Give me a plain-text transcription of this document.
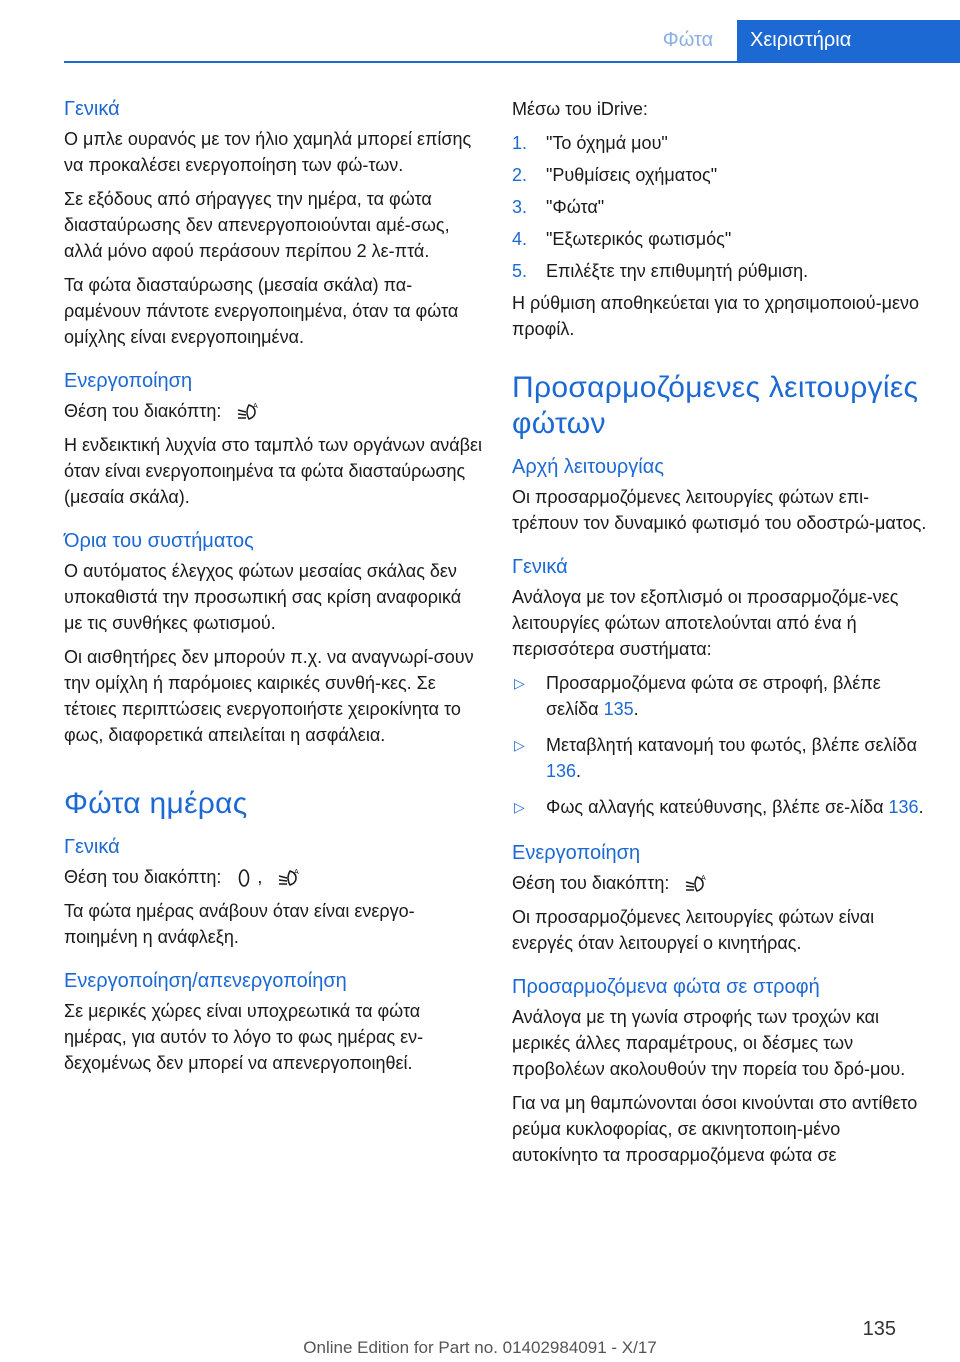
Φώτα	Χειριστήρια
Γενικά

Ο μπλε ουρανός με τον ήλιο χαμηλά μπορεί επίσης να προκαλέσει ενεργοποίηση των φώ‐των.

Σε εξόδους από σήραγγες την ημέρα, τα φώτα διασταύρωσης δεν απενεργοποιούνται αμέ‐σως, αλλά μόνο αφού περάσουν περίπου 2 λε‐πτά.

Τα φώτα διασταύρωσης (μεσαία σκάλα) πα‐ραμένουν πάντοτε ενεργοποιημένα, όταν τα φώτα ομίχλης είναι ενεργοποιημένα.

Ενεργοποίηση

Θέση του διακόπτη:	A

Η ενδεικτική λυχνία στο ταμπλό των οργάνων ανάβει όταν είναι ενεργοποιημένα τα φώτα διασταύρωσης (μεσαία σκάλα).

Όρια του συστήματος

Ο αυτόματος έλεγχος φώτων μεσαίας σκάλας δεν υποκαθιστά την προσωπική σας κρίση αναφορικά με τις συνθήκες φωτισμού.

Οι αισθητήρες δεν μπορούν π.χ. να αναγνωρί‐σουν την ομίχλη ή παρόμοιες καιρικές συνθή‐κες. Σε τέτοιες περιπτώσεις ενεργοποιήστε χειροκίνητα το φως, διαφορετικά απειλείται η ασφάλεια.

Φώτα ημέρας
Γενικά

Θέση του διακόπτη: ,	A

Τα φώτα ημέρας ανάβουν όταν είναι ενεργο‐ποιημένη η ανάφλεξη.

Ενεργοποίηση/απενεργοποίηση

Σε μερικές χώρες είναι υποχρεωτικά τα φώτα ημέρας, για αυτόν το λόγο το φως ημέρας εν‐δεχομένως δεν μπορεί να απενεργοποιηθεί.

Μέσω του iDrive:

1. "Το όχημά μου"
2. "Ρυθμίσεις οχήματος"
3. "Φώτα"
4. "Εξωτερικός φωτισμός"
5. Επιλέξτε την επιθυμητή ρύθμιση.

Η ρύθμιση αποθηκεύεται για το χρησιμοποιού‐μενο προφίλ.

Προσαρμοζόμενες λειτουργίες φώτων
Αρχή λειτουργίας

Οι προσαρμοζόμενες λειτουργίες φώτων επι‐τρέπουν τον δυναμικό φωτισμό του οδοστρώ‐ματος.

Γενικά

Ανάλογα με τον εξοπλισμό οι προσαρμοζόμε‐νες λειτουργίες φώτων αποτελούνται από ένα ή περισσότερα συστήματα:

▷ Προσαρμοζόμενα φώτα σε στροφή, βλέπε σελίδα 135.
▷ Μεταβλητή κατανομή του φωτός, βλέπε σελίδα 136.
▷ Φως αλλαγής κατεύθυνσης, βλέπε σε‐λίδα 136.
Ενεργοποίηση

Θέση του διακόπτη:	A

Οι προσαρμοζόμενες λειτουργίες φώτων είναι ενεργές όταν λειτουργεί ο κινητήρας.

Προσαρμοζόμενα φώτα σε στροφή

Ανάλογα με τη γωνία στροφής των τροχών και μερικές άλλες παραμέτρους, οι δέσμες των προβολέων ακολουθούν την πορεία του δρό‐μου.

Για να μη θαμπώνονται όσοι κινούνται στο αντίθετο ρεύμα κυκλοφορίας, σε ακινητοποιη‐μένο αυτοκίνητο τα προσαρμοζόμενα φώτα σε

135
Online Edition for Part no. 01402984091 - X/17
